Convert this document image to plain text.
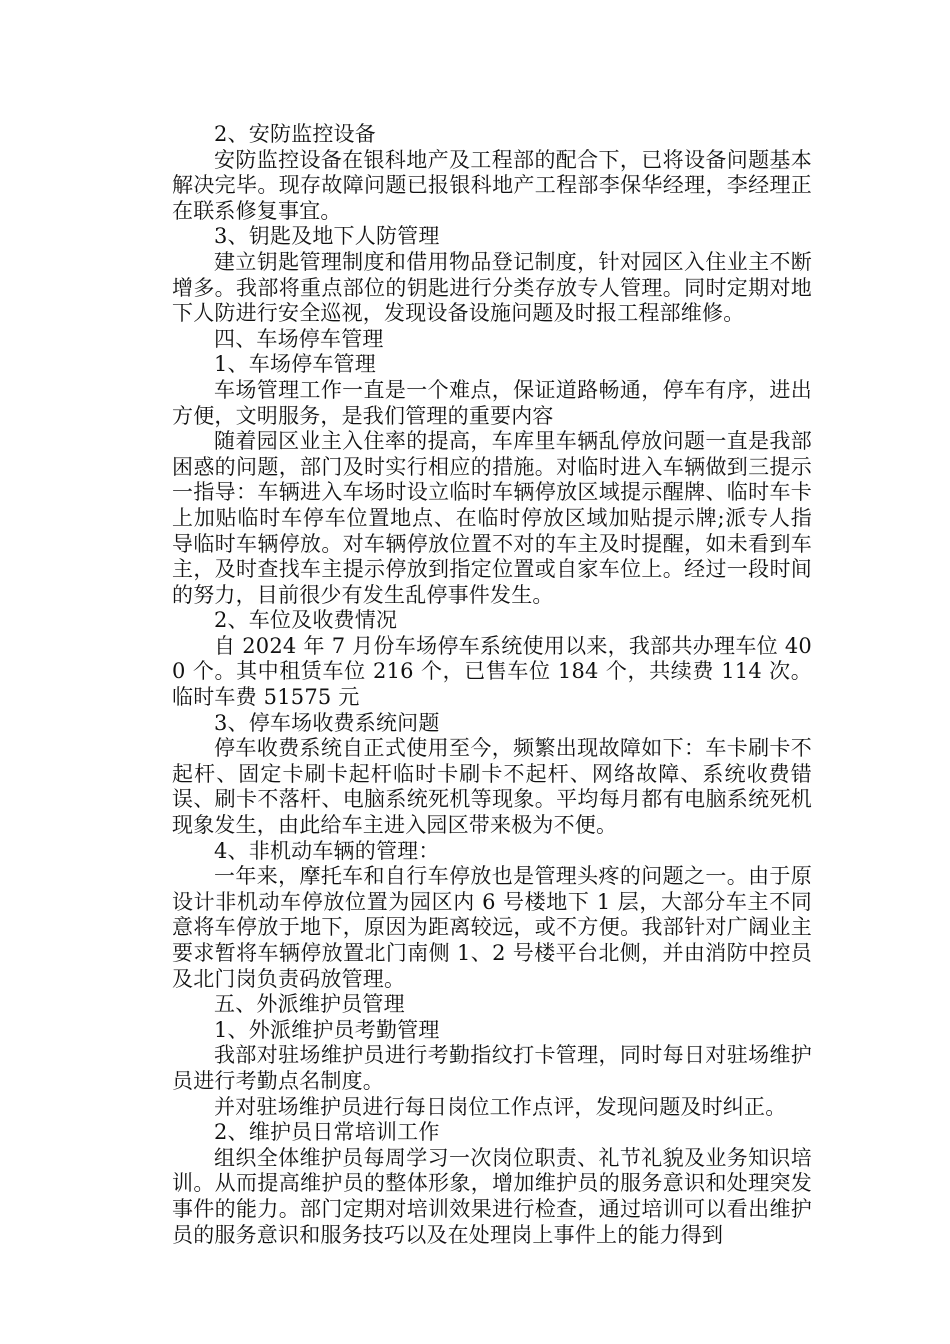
2、安防监控设备

安防监控设备在银科地产及工程部的配合下，已将设备问题基本解决完毕。现存故障问题已报银科地产工程部李保华经理，李经理正在联系修复事宜。

3、钥匙及地下人防管理

建立钥匙管理制度和借用物品登记制度，针对园区入住业主不断增多。我部将重点部位的钥匙进行分类存放专人管理。同时定期对地下人防进行安全巡视，发现设备设施问题及时报工程部维修。

四、车场停车管理

1、车场停车管理

车场管理工作一直是一个难点，保证道路畅通，停车有序，进出方便，文明服务，是我们管理的重要内容

随着园区业主入住率的提高，车库里车辆乱停放问题一直是我部困惑的问题，部门及时实行相应的措施。对临时进入车辆做到三提示一指导：车辆进入车场时设立临时车辆停放区域提示醒牌、临时车卡上加贴临时车停车位置地点、在临时停放区域加贴提示牌;派专人指导临时车辆停放。对车辆停放位置不对的车主及时提醒，如未看到车主，及时查找车主提示停放到指定位置或自家车位上。经过一段时间的努力，目前很少有发生乱停事件发生。

2、车位及收费情况

自 2024 年 7 月份车场停车系统使用以来，我部共办理车位 400 个。其中租赁车位 216 个，已售车位 184 个，共续费 114 次。临时车费 51575 元

3、停车场收费系统问题

停车收费系统自正式使用至今，频繁出现故障如下：车卡刷卡不起杆、固定卡刷卡起杆临时卡刷卡不起杆、网络故障、系统收费错误、刷卡不落杆、电脑系统死机等现象。平均每月都有电脑系统死机现象发生，由此给车主进入园区带来极为不便。

4、非机动车辆的管理：

一年来，摩托车和自行车停放也是管理头疼的问题之一。由于原设计非机动车停放位置为园区内 6 号楼地下 1 层，大部分车主不同意将车停放于地下，原因为距离较远，或不方便。我部针对广阔业主要求暂将车辆停放置北门南侧 1、2 号楼平台北侧，并由消防中控员及北门岗负责码放管理。

五、外派维护员管理

1、外派维护员考勤管理

我部对驻场维护员进行考勤指纹打卡管理，同时每日对驻场维护员进行考勤点名制度。

并对驻场维护员进行每日岗位工作点评，发现问题及时纠正。

2、维护员日常培训工作

组织全体维护员每周学习一次岗位职责、礼节礼貌及业务知识培训。从而提高维护员的整体形象，增加维护员的服务意识和处理突发事件的能力。部门定期对培训效果进行检查，通过培训可以看出维护员的服务意识和服务技巧以及在处理岗上事件上的能力得到
